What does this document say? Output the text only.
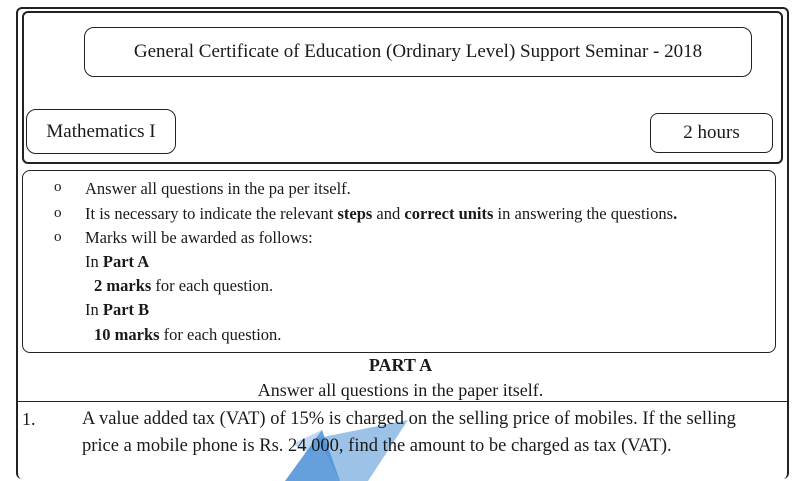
General Certificate of Education (Ordinary Level) Support Seminar - 2018
Mathematics I	2 hours
o Answer all questions in the pa per itself.
o It is necessary to indicate the relevant steps and correct units in answering the questions.
o Marks will be awarded as follows:
In Part A
2 marks for each question.
In Part B
10 marks for each question.
PART A
Answer all questions in the paper itself.
1.	A value added tax (VAT) of 15% is charged on the selling price of mobiles. If the selling price a mobile phone is Rs. 24 000, find the amount to be charged as tax (VAT).
